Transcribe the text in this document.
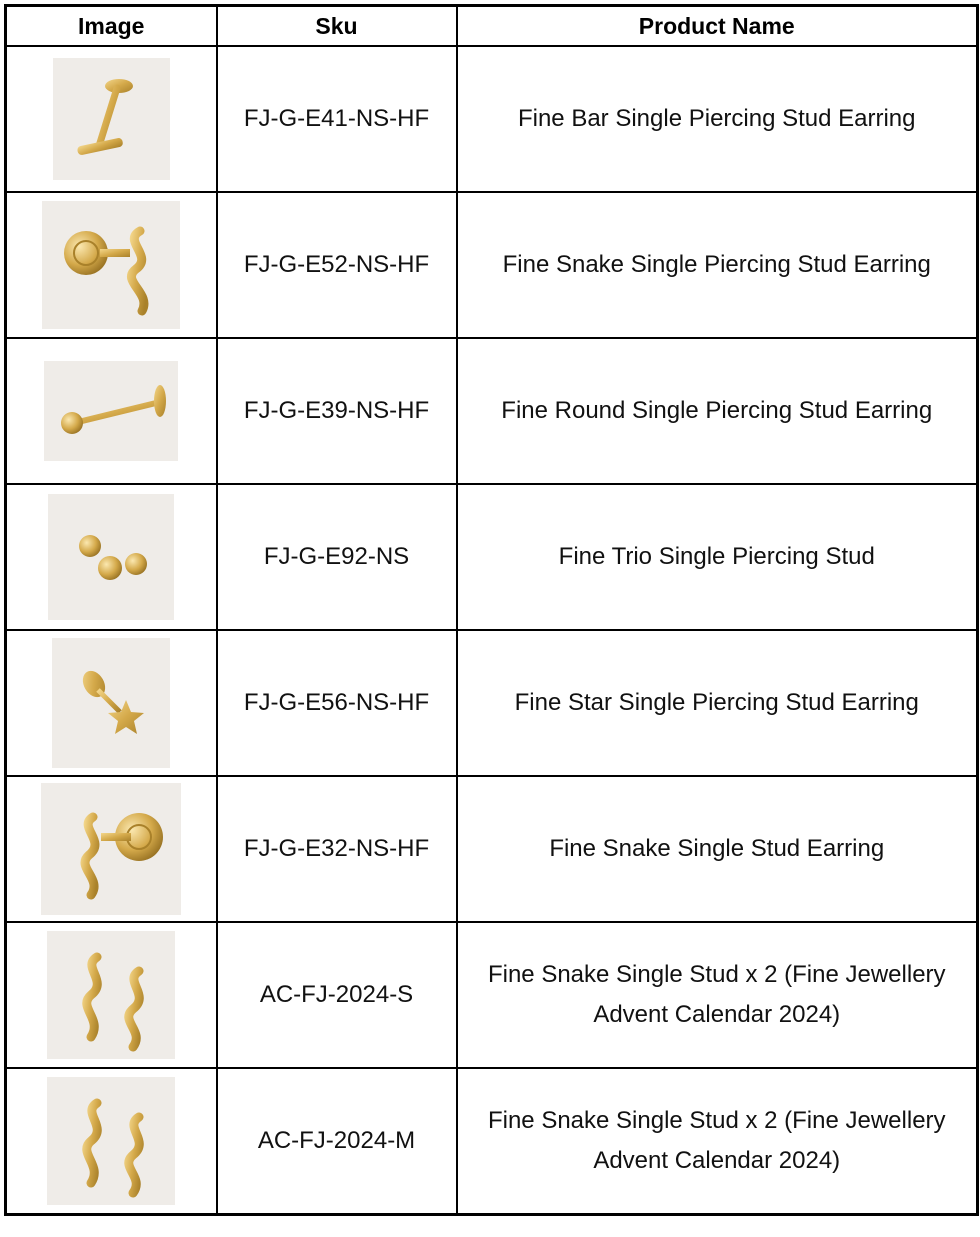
Image	Sku	Product Name

	FJ-G-E41-NS-HF	Fine Bar Single Piercing Stud Earring

	FJ-G-E52-NS-HF	Fine Snake Single Piercing Stud Earring

	FJ-G-E39-NS-HF	Fine Round Single Piercing Stud Earring

	FJ-G-E92-NS	Fine Trio Single Piercing Stud

	FJ-G-E56-NS-HF	Fine Star Single Piercing Stud Earring

	FJ-G-E32-NS-HF	Fine Snake Single Stud Earring

	AC-FJ-2024-S	Fine Snake Single Stud x 2 (Fine Jewellery Advent Calendar 2024)

	AC-FJ-2024-M	Fine Snake Single Stud x 2 (Fine Jewellery Advent Calendar 2024)
